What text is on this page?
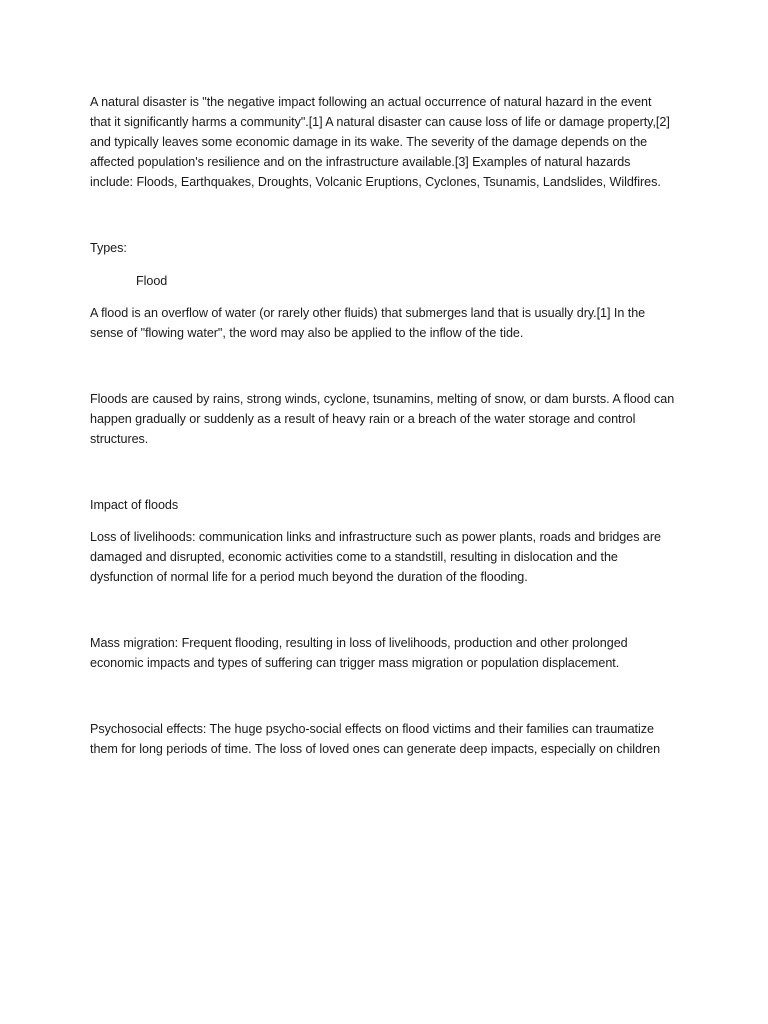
A natural disaster is "the negative impact following an actual occurrence of natural hazard in the event that it significantly harms a community".[1] A natural disaster can cause loss of life or damage property,[2] and typically leaves some economic damage in its wake. The severity of the damage depends on the affected population's resilience and on the infrastructure available.[3] Examples of natural hazards include: Floods, Earthquakes, Droughts, Volcanic Eruptions, Cyclones, Tsunamis, Landslides, Wildfires.

Types:

Flood

A flood is an overflow of water (or rarely other fluids) that submerges land that is usually dry.[1] In the sense of "flowing water", the word may also be applied to the inflow of the tide.

Floods are caused by rains, strong winds, cyclone, tsunamins, melting of snow, or dam bursts. A flood can happen gradually or suddenly as a result of heavy rain or a breach of the water storage and control structures.

Impact of floods

Loss of livelihoods: communication links and infrastructure such as power plants, roads and bridges are damaged and disrupted, economic activities come to a standstill, resulting in dislocation and the dysfunction of normal life for a period much beyond the duration of the flooding.

Mass migration: Frequent flooding, resulting in loss of livelihoods, production and other prolonged economic impacts and types of suffering can trigger mass migration or population displacement.

Psychosocial effects: The huge psycho-social effects on flood victims and their families can traumatize them for long periods of time. The loss of loved ones can generate deep impacts, especially on children
